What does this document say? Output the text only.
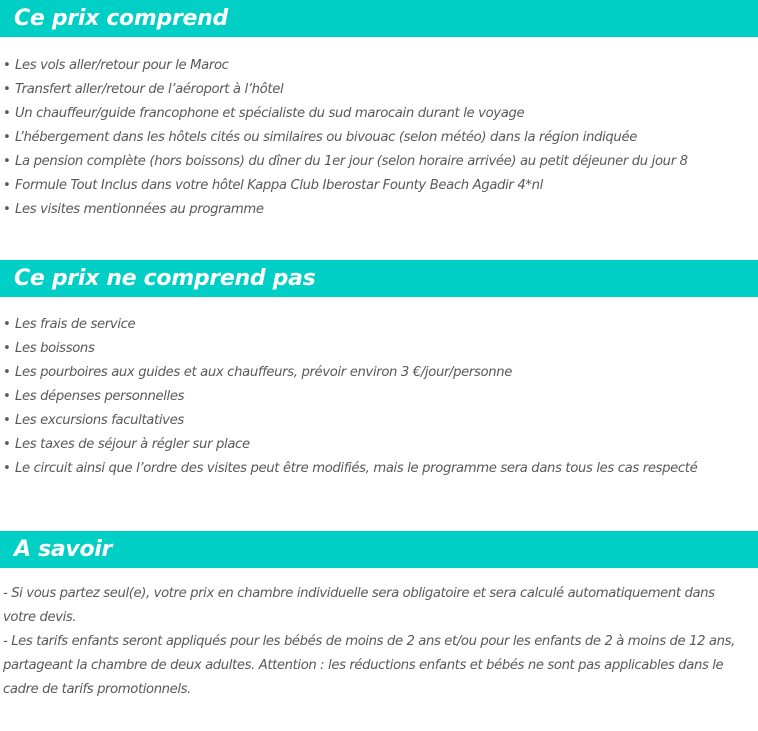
Ce prix comprend
• Les vols aller/retour pour le Maroc
• Transfert aller/retour de l’aéroport à l’hôtel
• Un chauffeur/guide francophone et spécialiste du sud marocain durant le voyage
• L’hébergement dans les hôtels cités ou similaires ou bivouac (selon météo) dans la région indiquée
• La pension complète (hors boissons) du dîner du 1er jour (selon horaire arrivée) au petit déjeuner du jour 8
• Formule Tout Inclus dans votre hôtel Kappa Club Iberostar Founty Beach Agadir 4*nl
• Les visites mentionnées au programme
Ce prix ne comprend pas
• Les frais de service
• Les boissons
• Les pourboires aux guides et aux chauffeurs, prévoir environ 3 €/jour/personne
• Les dépenses personnelles
• Les excursions facultatives
• Les taxes de séjour à régler sur place
• Le circuit ainsi que l’ordre des visites peut être modifiés, mais le programme sera dans tous les cas respecté
A savoir

- Si vous partez seul(e), votre prix en chambre individuelle sera obligatoire et sera calculé automatiquement dans votre devis.

- Les tarifs enfants seront appliqués pour les bébés de moins de 2 ans et/ou pour les enfants de 2 à moins de 12 ans, partageant la chambre de deux adultes. Attention : les réductions enfants et bébés ne sont pas applicables dans le cadre de tarifs promotionnels.
